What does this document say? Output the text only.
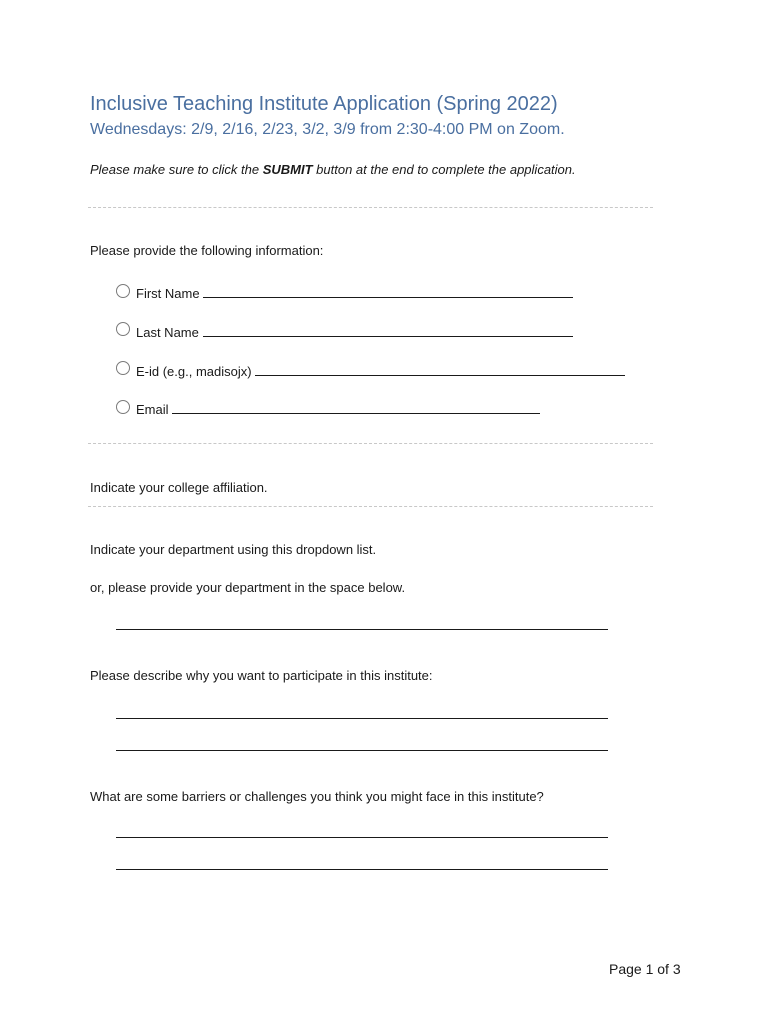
Inclusive Teaching Institute Application (Spring 2022)
Wednesdays: 2/9, 2/16, 2/23, 3/2, 3/9 from 2:30-4:00 PM on Zoom.
Please make sure to click the SUBMIT button at the end to complete the application.
Please provide the following information:
First Name
Last Name
E-id (e.g., madisojx)
Email
Indicate your college affiliation.
Indicate your department using this dropdown list.
or, please provide your department in the space below.
Please describe why you want to participate in this institute:
What are some barriers or challenges you think you might face in this institute?
Page 1 of 3
